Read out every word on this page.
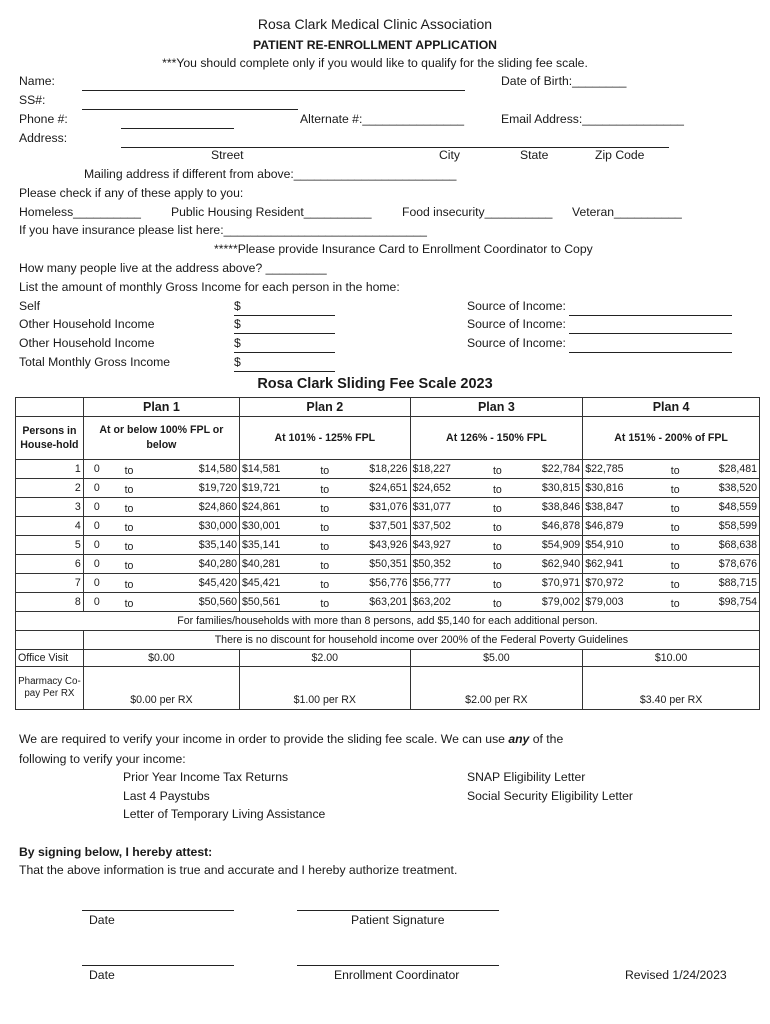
Rosa Clark Medical Clinic Association
PATIENT RE-ENROLLMENT APPLICATION
***You should complete only if you would like to qualify for the sliding fee scale.
Name:	Date of Birth:________
SS#:
Phone #:	Alternate #:_______________	Email Address:_______________
Address:
Street	City	State	Zip Code
Mailing address if different from above:________________________
Please check if any of these apply to you:
Homeless__________ Public Housing Resident__________ Food insecurity__________ Veteran__________
If you have insurance please list here:______________________________
*****Please provide Insurance Card to Enrollment Coordinator to Copy
How many people live at the address above? _________
List the amount of monthly Gross Income for each person in the home:
Self	$	Source of Income:
Other Household Income	$	Source of Income:
Other Household Income	$	Source of Income:
Total Monthly Gross Income	$
Rosa Clark Sliding Fee Scale 2023
	Plan 1			Plan 2			Plan 3			Plan 4		
Persons in House-hold	At or below 100% FPL or below			At 101% - 125% FPL			At 126% - 150% FPL			At 151% - 200% of FPL		
1	0	to	$14,580	$14,581	to	$18,226	$18,227	to	$22,784	$22,785	to	$28,481
2	0	to	$19,720	$19,721	to	$24,651	$24,652	to	$30,815	$30,816	to	$38,520
3	0	to	$24,860	$24,861	to	$31,076	$31,077	to	$38,846	$38,847	to	$48,559
4	0	to	$30,000	$30,001	to	$37,501	$37,502	to	$46,878	$46,879	to	$58,599
5	0	to	$35,140	$35,141	to	$43,926	$43,927	to	$54,909	$54,910	to	$68,638
6	0	to	$40,280	$40,281	to	$50,351	$50,352	to	$62,940	$62,941	to	$78,676
7	0	to	$45,420	$45,421	to	$56,776	$56,777	to	$70,971	$70,972	to	$88,715
8	0	to	$50,560	$50,561	to	$63,201	$63,202	to	$79,002	$79,003	to	$98,754
For families/households with more than 8 persons, add $5,140 for each additional person.												
	There is no discount for household income over 200% of the Federal Poverty Guidelines											
Office Visit	$0.00			$2.00			$5.00			$10.00		
Pharmacy Co-pay Per RX	$0.00 per RX			$1.00 per RX			$2.00 per RX			$3.40 per RX		
We are required to verify your income in order to provide the sliding fee scale. We can use any of the
following to verify your income:
Prior Year Income Tax Returns
Last 4 Paystubs
Letter of Temporary Living Assistance
SNAP Eligibility Letter
Social Security Eligibility Letter
By signing below, I hereby attest:
That the above information is true and accurate and I hereby authorize treatment.
Date	Patient Signature
Date	Enrollment Coordinator	Revised 1/24/2023
